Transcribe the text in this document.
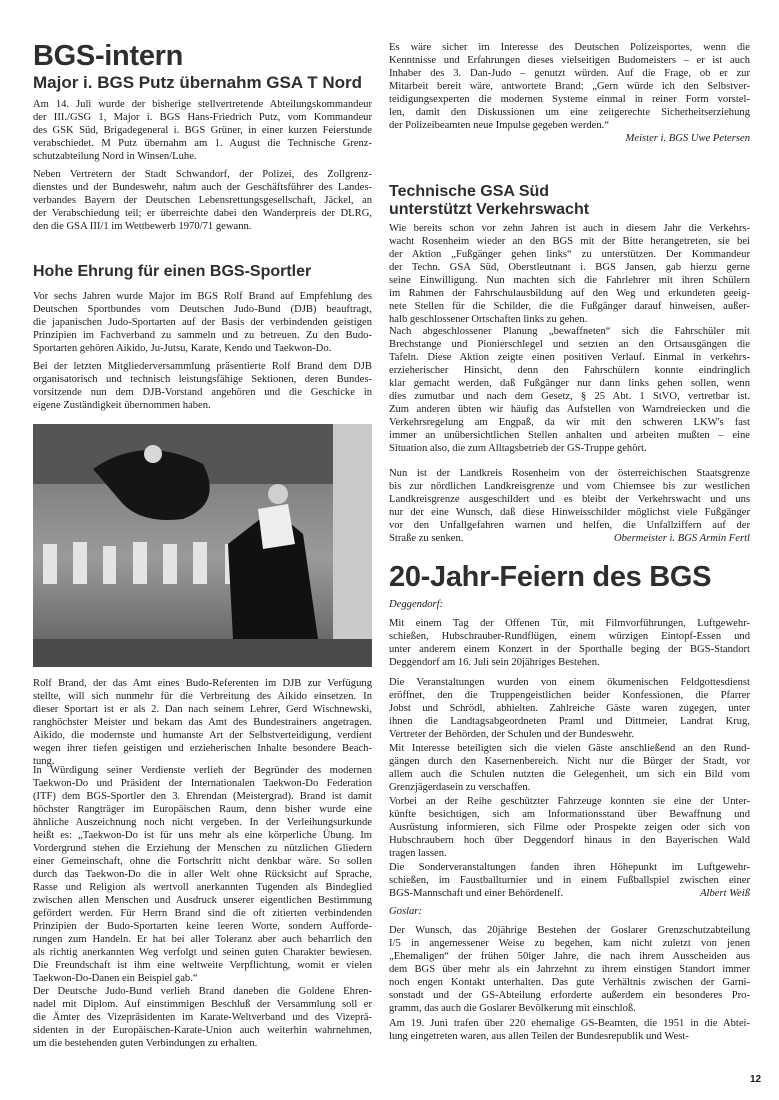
BGS-intern
Major i. BGS Putz übernahm GSA T Nord
Am 14. Juli wurde der bisherige stellvertretende Abteilungskommandeur
der III./GSG 1, Major i. BGS Hans-Friedrich Putz, vom Kommandeur
des GSK Süd, Brigadegeneral i. BGS Grüner, in einer kurzen Feierstunde
verabschiedet. M Putz übernahm am 1. August die Technische Grenz-
schutzabteilung Nord in Winsen/Luhe.
Neben Vertretern der Stadt Schwandorf, der Polizei, des Zollgrenz-
dienstes und der Bundeswehr, nahm auch der Geschäftsführer des Landes-
verbandes Bayern der Deutschen Lebensrettungsgesellschaft, Jäckel, an
der Verabschiedung teil; er überreichte dabei den Wanderpreis der DLRG,
den die GSA III/1 im Wettbewerb 1970/71 gewann.
Hohe Ehrung für einen BGS-Sportler
Vor sechs Jahren wurde Major im BGS Rolf Brand auf Empfehlung des
Deutschen Sportbundes vom Deutschen Judo-Bund (DJB) beauftragt,
die japanischen Judo-Sportarten auf der Basis der verbindenden geistigen
Prinzipien im Fachverband zu sammeln und zu betreuen. Zu den Budo-
Sportarten gehören Aikido, Ju-Jutsu, Karate, Kendo und Taekwon-Do.
Bei der letzten Mitgliederversammlung präsentierte Rolf Brand dem DJB
organisatorisch und technisch leistungsfähige Sektionen, deren Bundes-
vorsitzende nun dem DJB-Vorstand angehören und die Geschicke in
eigene Zuständigkeit übernommen haben.
Rolf Brand, der das Amt eines Budo-Referenten im DJB zur Verfügung
stellte, will sich nunmehr für die Verbreitung des Aikido einsetzen. In
dieser Sportart ist er als 2. Dan nach seinem Lehrer, Gerd Wischnewski,
ranghöchster Meister und bekam das Amt des Bundestrainers angetragen.
Aikido, die modernste und humanste Art der Selbstverteidigung, verdient
wegen ihrer tiefen geistigen und erzieherischen Inhalte besondere Beach-
tung.
In Würdigung seiner Verdienste verlieh der Begründer des modernen
Taekwon-Do und Präsident der Internationalen Taekwon-Do Federation
(ITF) dem BGS-Sportler den 3. Ehrendan (Meistergrad). Brand ist damit
höchster Rangträger im Europäischen Raum, denn bisher wurde eine
ähnliche Auszeichnung noch nicht vergeben. In der Verleihungsurkunde
heißt es: „Taekwon-Do ist für uns mehr als eine körperliche Übung. Im
Vordergrund stehen die Erziehung der Menschen zu nützlichen Gliedern
einer Gemeinschaft, ohne die Fortschritt nicht denkbar wäre. So sollen
durch das Taekwon-Do die in aller Welt ohne Rücksicht auf Sprache,
Rasse und Religion als wertvoll anerkannten Tugenden als Bindeglied
zwischen allen Menschen und Ausdruck unserer eigentlichen Bestimmung
gefördert werden. Für Herrn Brand sind die oft zitierten verbindenden
Prinzipien der Budo-Sportarten keine leeren Worte, sondern Aufforde-
rungen zum Handeln. Er hat bei aller Toleranz aber auch beharrlich den
als richtig anerkannten Weg verfolgt und seinen guten Charakter bewiesen.
Die Freundschaft ist ihm eine weltweite Verpflichtung, womit er vielen
Taekwon-Do-Danen ein Beispiel gab.“
Der Deutsche Judo-Bund verlieh Brand daneben die Goldene Ehren-
nadel mit Diplom. Auf einstimmigen Beschluß der Versammlung soll er
die Ämter des Vizepräsidenten im Karate-Weltverband und des Vizeprä-
sidenten in der Europäischen-Karate-Union auch weiterhin wahrnehmen,
um die bestehenden guten Verbindungen zu erhalten.
Es wäre sicher im Interesse des Deutschen Polizeisportes, wenn die
Kenntnisse und Erfahrungen dieses vielseitigen Budomeisters – er ist auch
Inhaber des 3. Dan-Judo – genutzt würden. Auf die Frage, ob er zur
Mitarbeit bereit wäre, antwortete Brand: „Gern würde ich den Selbstver-
teidigungsexperten die modernen Systeme einmal in reiner Form vorstel-
len, damit den Diskussionen um eine zeitgerechte Sicherheitserziehung
der Polizeibeamten neue Impulse gegeben werden.“
Meister i. BGS Uwe Petersen
Technische GSA Süd
unterstützt Verkehrswacht
Wie bereits schon vor zehn Jahren ist auch in diesem Jahr die Verkehrs-
wacht Rosenheim wieder an den BGS mit der Bitte herangetreten, sie bei
der Aktion „Fußgänger gehen links“ zu unterstützen. Der Kommandeur
der Techn. GSA Süd, Oberstleutnant i. BGS Jansen, gab hierzu gerne
seine Einwilligung. Nun machten sich die Fahrlehrer mit ihren Schülern
im Rahmen der Fahrschulausbildung auf den Weg und erkundeten geeig-
nete Stellen für die Schilder, die die Fußgänger darauf hinweisen, außer-
halb geschlossener Ortschaften links zu gehen.
Nach abgeschlossener Planung „bewaffneten“ sich die Fahrschüler mit
Brechstange und Pionierschlegel und setzten an den Ortsausgängen die
Tafeln. Diese Aktion zeigte einen positiven Verlauf. Einmal in verkehrs-
erzieherischer Hinsicht, denn den Fahrschülern konnte eindringlich
klar gemacht werden, daß Fußgänger nur dann links gehen sollen, wenn
dies zumutbar und nach dem Gesetz, § 25 Abt. 1 StVO, vertretbar ist.
Zum anderen übten wir häufig das Aufstellen von Warndreiecken und die
Verkehrsregelung am Engpaß, da wir mit den schweren LKW's fast
immer an unübersichtlichen Stellen anhalten und arbeiten mußten – eine
Situation also, die zum Alltagsbetrieb der GS-Truppe gehört.
Nun ist der Landkreis Rosenheim von der österreichischen Staatsgrenze
bis zur nördlichen Landkreisgrenze und vom Chiemsee bis zur westlichen
Landkreisgrenze ausgeschildert und es bleibt der Verkehrswacht und uns
nur der eine Wunsch, daß diese Hinweisschilder möglichst viele Fußgänger
vor den Unfallgefahren warnen und helfen, die Unfallziffern auf der
Straße zu senken.	Obermeister i. BGS Armin Fertl
20-Jahr-Feiern des BGS
Deggendorf:
Mit einem Tag der Offenen Tür, mit Filmvorführungen, Luftgewehr-
schießen, Hubschrauber-Rundflügen, einem würzigen Eintopf-Essen und
unter anderem einem Konzert in der Sporthalle beging der BGS-Standort
Deggendorf am 16. Juli sein 20jähriges Bestehen.
Die Veranstaltungen wurden von einem ökumenischen Feldgottesdienst
eröffnet, den die Truppengeistlichen beider Konfessionen, die Pfarrer
Jobst und Schrödl, abhielten. Zahlreiche Gäste waren zugegen, unter
ihnen die Landtagsabgeordneten Praml und Dittmeier, Landrat Krug,
Vertreter der Behörden, der Schulen und der Bundeswehr.
Mit Interesse beteiligten sich die vielen Gäste anschließend an den Rund-
gängen durch den Kasernenbereich. Nicht nur die Bürger der Stadt, vor
allem auch die Schulen nutzten die Gelegenheit, um sich ein Bild vom
Grenzjägerdasein zu verschaffen.
Vorbei an der Reihe geschützter Fahrzeuge konnten sie eine der Unter-
künfte besichtigen, sich am Informationsstand über Bewaffnung und
Ausrüstung informieren, sich Filme oder Prospekte zeigen oder sich von
Hubschraubern hoch über Deggendorf hinaus in den Bayerischen Wald
tragen lassen.
Die Sonderveranstaltungen fanden ihren Höhepunkt im Luftgewehr-
schießen, im Faustballturnier und in einem Fußballspiel zwischen einer
BGS-Mannschaft und einer Behördenelf.	Albert Weiß
Goslar:
Der Wunsch, das 20jährige Bestehen der Goslarer Grenzschutzabteilung
I/5 in angemessener Weise zu begehen, kam nicht zuletzt von jenen
„Ehemaligen“ der frühen 50iger Jahre, die nach ihrem Ausscheiden aus
dem BGS über mehr als ein Jahrzehnt zu ihrem einstigen Standort immer
noch engen Kontakt unterhalten. Das gute Verhältnis zwischen der Garni-
sonstadt und der GS-Abteilung erforderte außerdem ein besonderes Pro-
gramm, das auch die Goslarer Bevölkerung mit einschloß.
Am 19. Juni trafen über 220 ehemalige GS-Beamten, die 1951 in die Abtei-
lung eingetreten waren, aus allen Teilen der Bundesrepublik und West-
12
